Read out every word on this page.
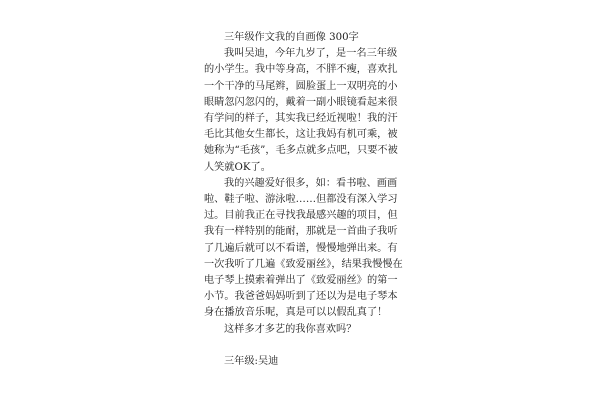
三年级作文我的自画像 300字

我叫吴迪，今年九岁了，是一名三年级的小学生。我中等身高，不胖不瘦，喜欢扎一个干净的马尾辫，圆脸蛋上一双明亮的小眼睛忽闪忽闪的，戴着一副小眼镜看起来很有学问的样子，其实我已经近视啦！我的汗毛比其他女生都长，这让我妈有机可乘，被她称为“毛孩”，毛多点就多点吧，只要不被人笑就OK了。

我的兴趣爱好很多，如：看书啦、画画啦、鞋子啦、游泳啦……但都没有深入学习过。目前我正在寻找我最感兴趣的项目，但我有一样特别的能耐，那就是一首曲子我听了几遍后就可以不看谱，慢慢地弹出来。有一次我听了几遍《致爱丽丝》，结果我慢慢在电子琴上摸索着弹出了《致爱丽丝》的第一小节。我爸爸妈妈听到了还以为是电子琴本身在播放音乐呢，真是可以以假乱真了！

这样多才多艺的我你喜欢吗？

三年级:吴迪
